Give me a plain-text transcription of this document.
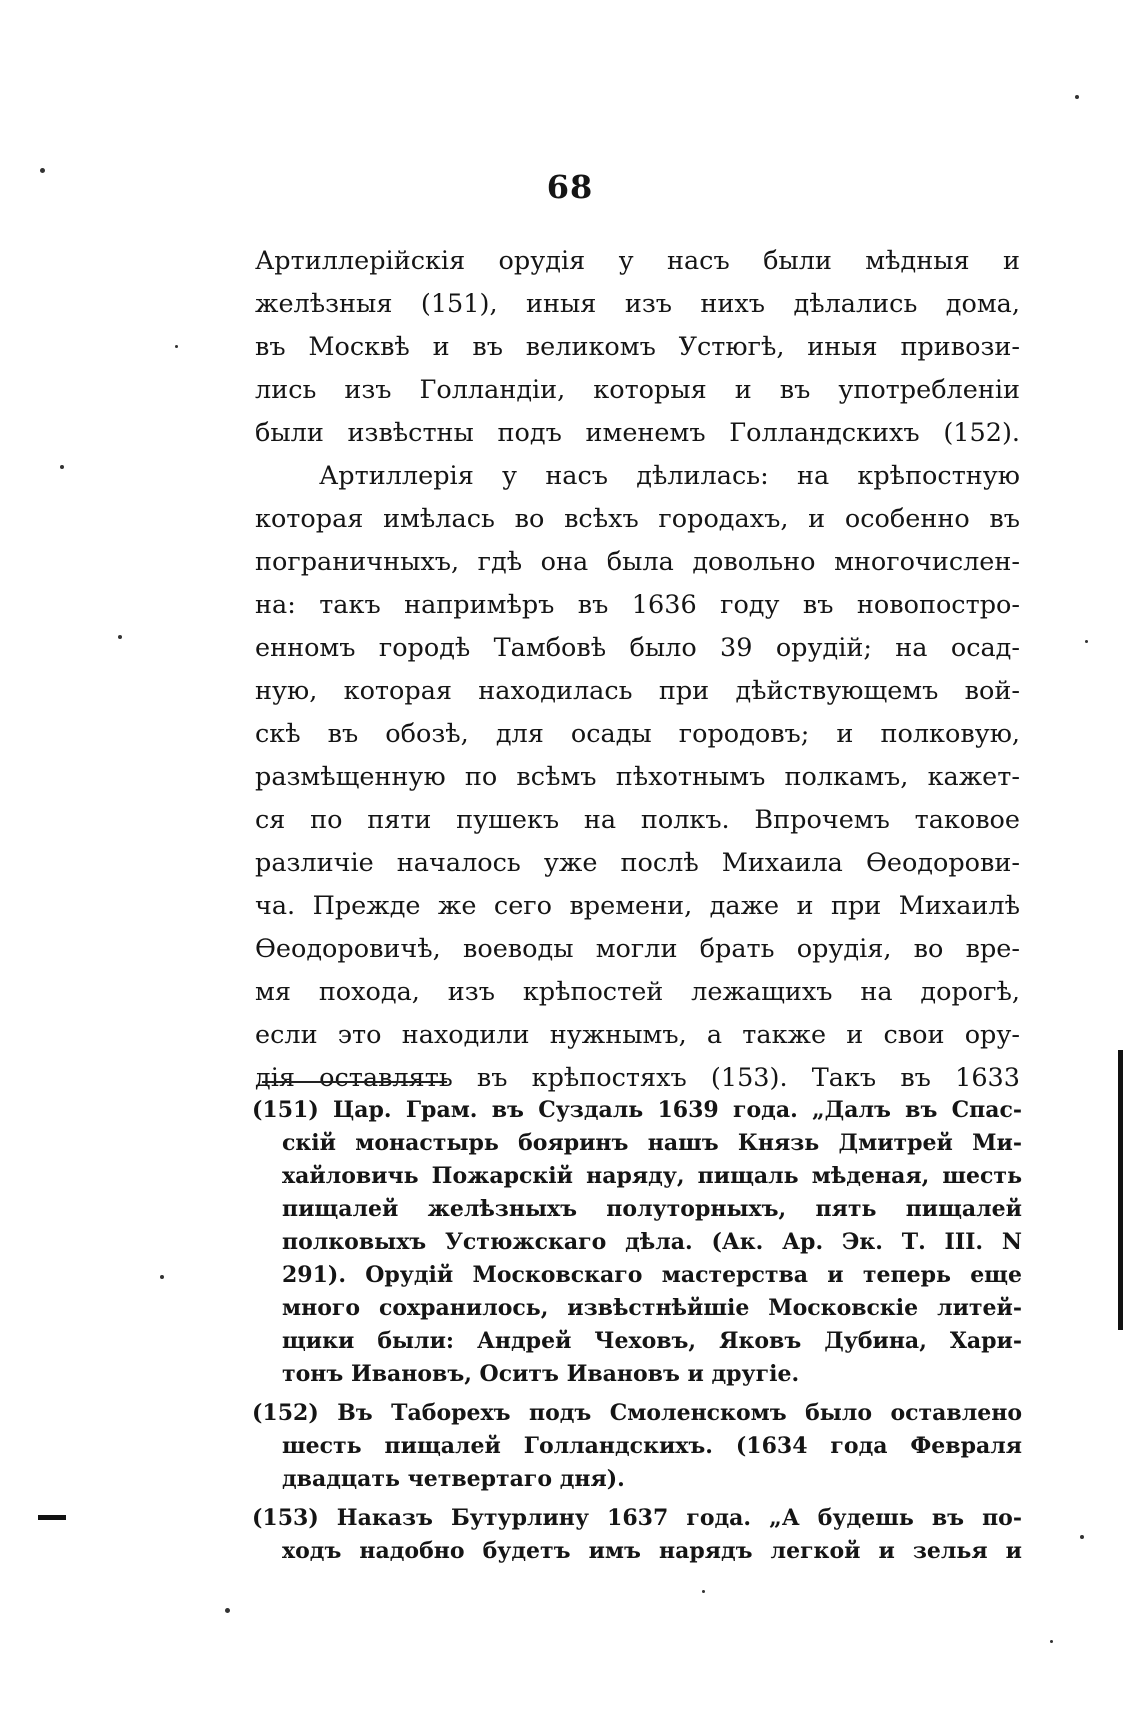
68
Артиллерійскія орудія у насъ были мѣдныя и
желѣзныя (151), иныя изъ нихъ дѣлались дома,
въ Москвѣ и въ великомъ Устюгѣ, иныя привози-
лись изъ Голландіи, которыя и въ употребленіи
были извѣстны подъ именемъ Голландскихъ (152).
Артиллерія у насъ дѣлилась: на крѣпостную
которая имѣлась во всѣхъ городахъ, и особенно въ
пограничныхъ, гдѣ она была довольно многочислен-
на: такъ напримѣръ въ 1636 году въ новопостро-
енномъ городѣ Тамбовѣ было 39 орудій; на осад-
ную, которая находилась при дѣйствующемъ вой-
скѣ въ обозѣ, для осады городовъ; и полковую,
размѣщенную по всѣмъ пѣхотнымъ полкамъ, кажет-
ся по пяти пушекъ на полкъ. Впрочемъ таковое
различіе началось уже послѣ Михаила Ѳеодорови-
ча. Прежде же сего времени, даже и при Михаилѣ
Ѳеодоровичѣ, воеводы могли брать орудія, во вре-
мя похода, изъ крѣпостей лежащихъ на дорогѣ,
если это находили нужнымъ, а также и свои ору-
дія оставлять въ крѣпостяхъ (153). Такъ въ 1633
(151) Цар. Грам. въ Суздаль 1639 года. „Далъ въ Спас-
скій монастырь бояринъ нашъ Князь Дмитрей Ми-
хайловичь Пожарскій наряду, пищаль мѣденая, шесть
пищалей желѣзныхъ полуторныхъ, пять пищалей
полковыхъ Устюжскаго дѣла. (Ак. Ар. Эк. Т. III. N
291). Орудій Московскаго мастерства и теперь еще
много сохранилось, извѣстнѣйшіе Московскіе литей-
щики были: Андрей Чеховъ, Яковъ Дубина, Хари-
тонъ Ивановъ, Оситъ Ивановъ и другіе.
(152) Въ Таборехъ подъ Смоленскомъ было оставлено
шесть пищалей Голландскихъ. (1634 года Февраля
двадцать четвертаго дня).
(153) Наказъ Бутурлину 1637 года. „А будешь въ по-
ходъ надобно будетъ имъ нарядъ легкой и зелья и
